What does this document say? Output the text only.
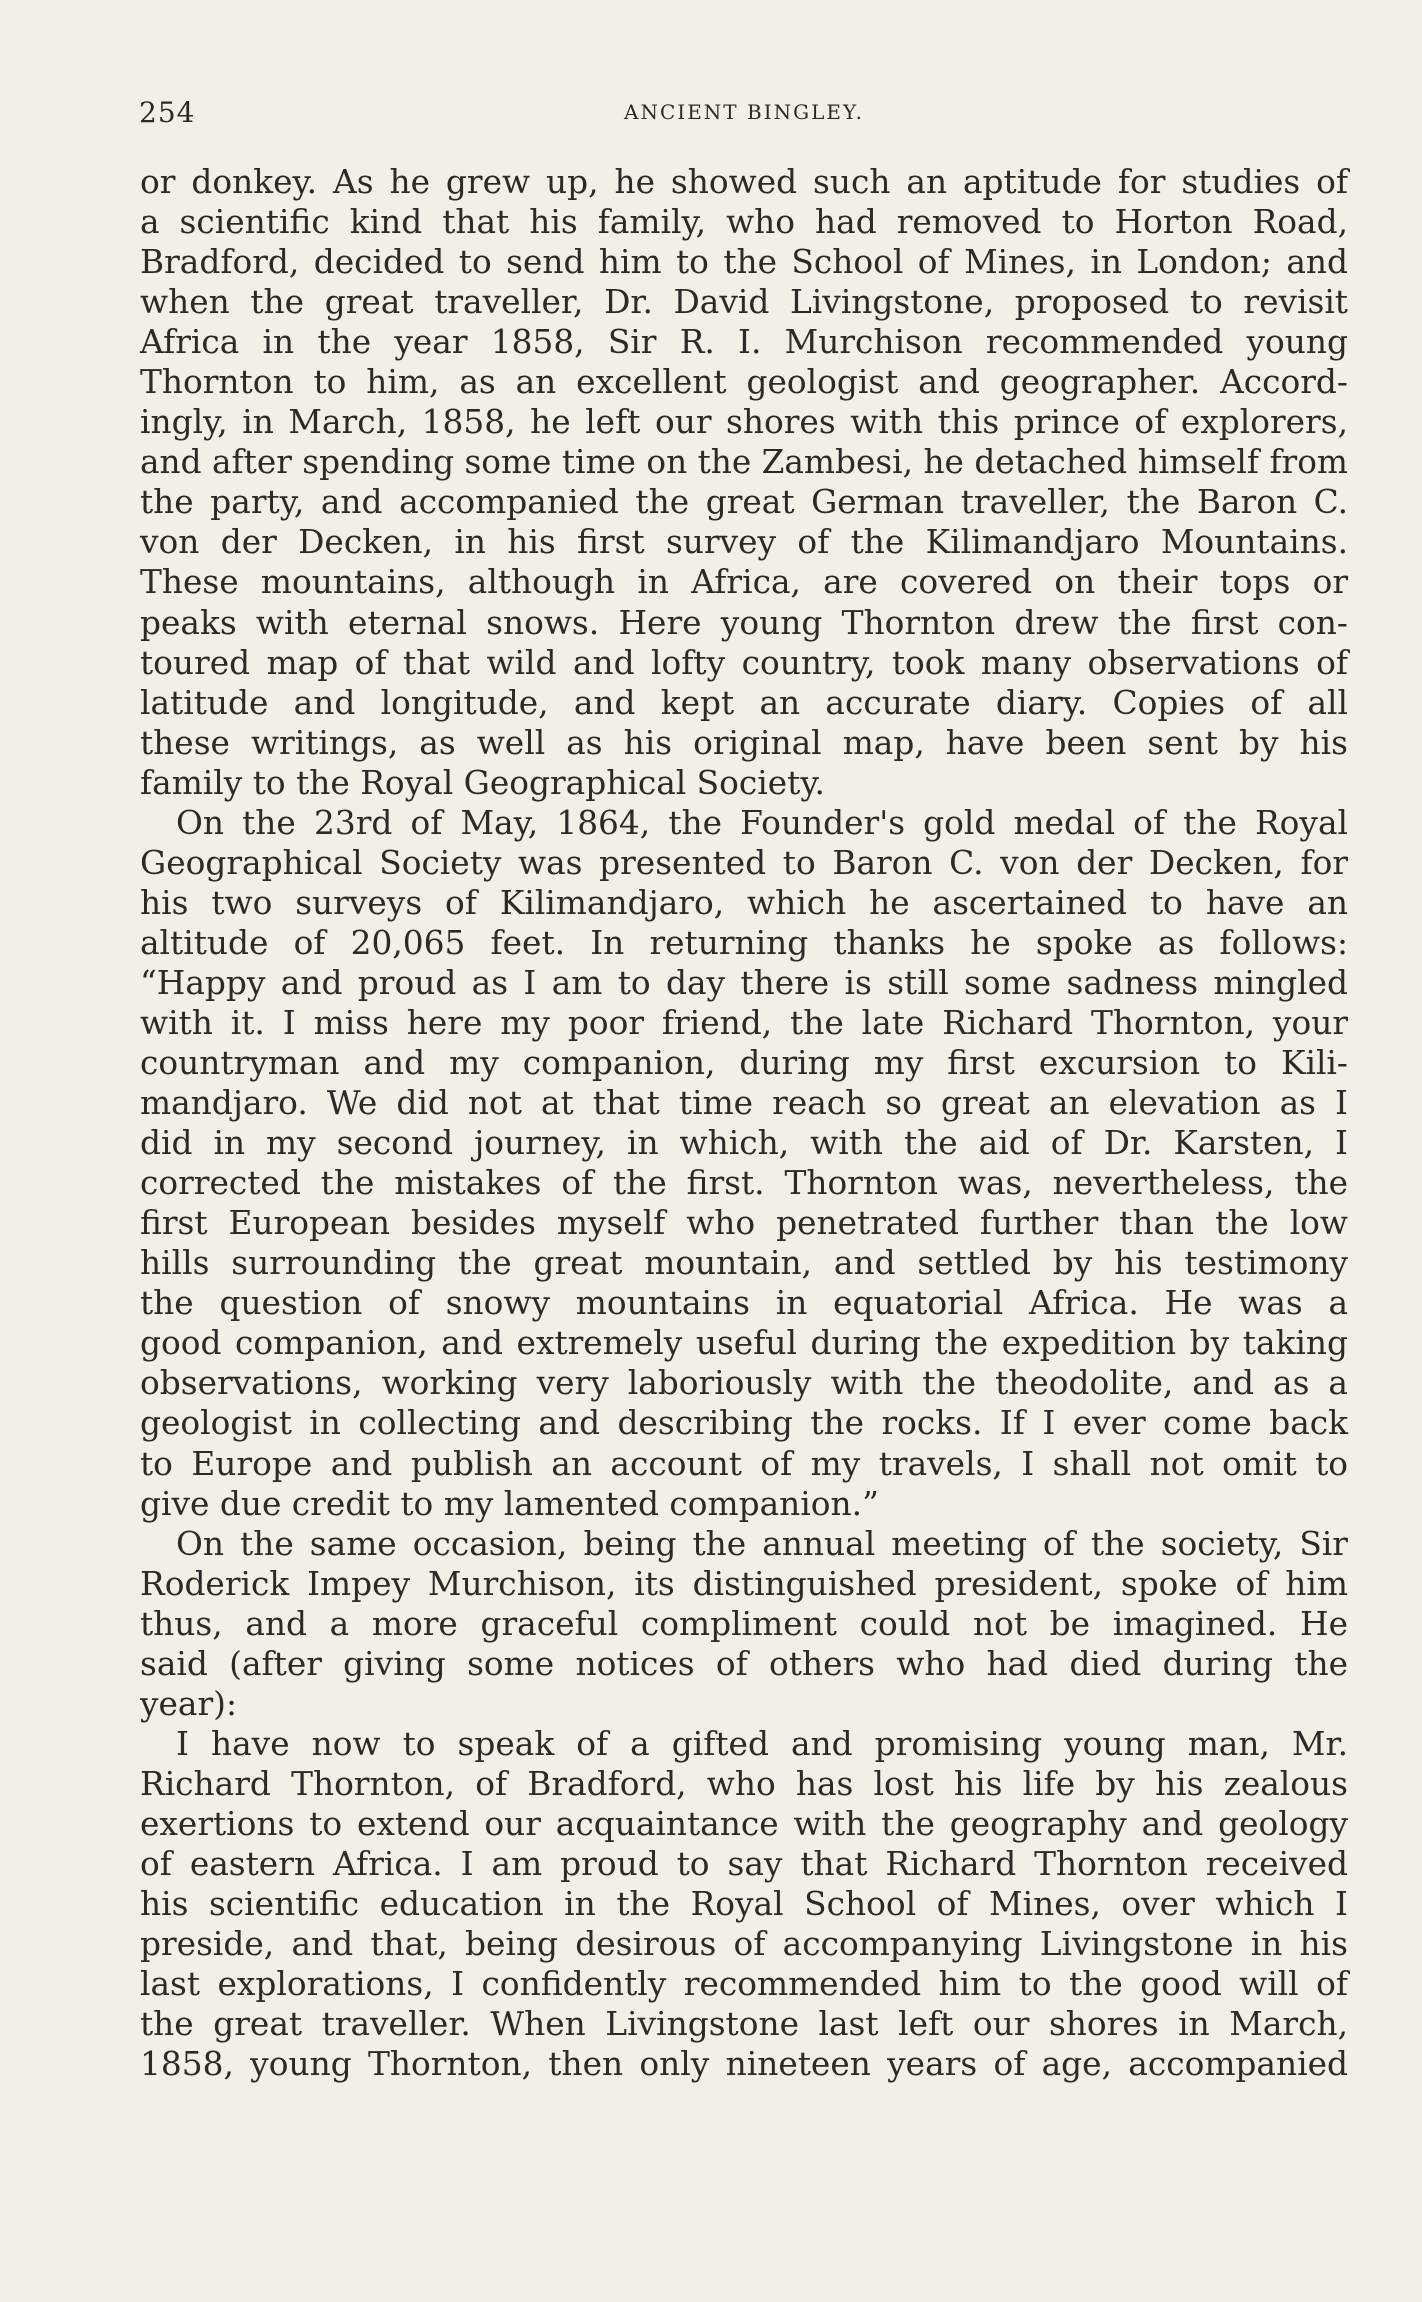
254	ANCIENT BINGLEY.
or donkey. As he grew up, he showed such an aptitude for studies of
a scientific kind that his family, who had removed to Horton Road,
Bradford, decided to send him to the School of Mines, in London; and
when the great traveller, Dr. David Livingstone, proposed to revisit
Africa in the year 1858, Sir R. I. Murchison recommended young
Thornton to him, as an excellent geologist and geographer. Accord-
ingly, in March, 1858, he left our shores with this prince of explorers,
and after spending some time on the Zambesi, he detached himself from
the party, and accompanied the great German traveller, the Baron C.
von der Decken, in his first survey of the Kilimandjaro Mountains.
These mountains, although in Africa, are covered on their tops or
peaks with eternal snows. Here young Thornton drew the first con-
toured map of that wild and lofty country, took many observations of
latitude and longitude, and kept an accurate diary. Copies of all
these writings, as well as his original map, have been sent by his
family to the Royal Geographical Society.
On the 23rd of May, 1864, the Founder's gold medal of the Royal
Geographical Society was presented to Baron C. von der Decken, for
his two surveys of Kilimandjaro, which he ascertained to have an
altitude of 20,065 feet. In returning thanks he spoke as follows:
“Happy and proud as I am to day there is still some sadness mingled
with it. I miss here my poor friend, the late Richard Thornton, your
countryman and my companion, during my first excursion to Kili-
mandjaro. We did not at that time reach so great an elevation as I
did in my second journey, in which, with the aid of Dr. Karsten, I
corrected the mistakes of the first. Thornton was, nevertheless, the
first European besides myself who penetrated further than the low
hills surrounding the great mountain, and settled by his testimony
the question of snowy mountains in equatorial Africa. He was a
good companion, and extremely useful during the expedition by taking
observations, working very laboriously with the theodolite, and as a
geologist in collecting and describing the rocks. If I ever come back
to Europe and publish an account of my travels, I shall not omit to
give due credit to my lamented companion.”
On the same occasion, being the annual meeting of the society, Sir
Roderick Impey Murchison, its distinguished president, spoke of him
thus, and a more graceful compliment could not be imagined. He
said (after giving some notices of others who had died during the
year):
I have now to speak of a gifted and promising young man, Mr.
Richard Thornton, of Bradford, who has lost his life by his zealous
exertions to extend our acquaintance with the geography and geology
of eastern Africa. I am proud to say that Richard Thornton received
his scientific education in the Royal School of Mines, over which I
preside, and that, being desirous of accompanying Livingstone in his
last explorations, I confidently recommended him to the good will of
the great traveller. When Livingstone last left our shores in March,
1858, young Thornton, then only nineteen years of age, accompanied
